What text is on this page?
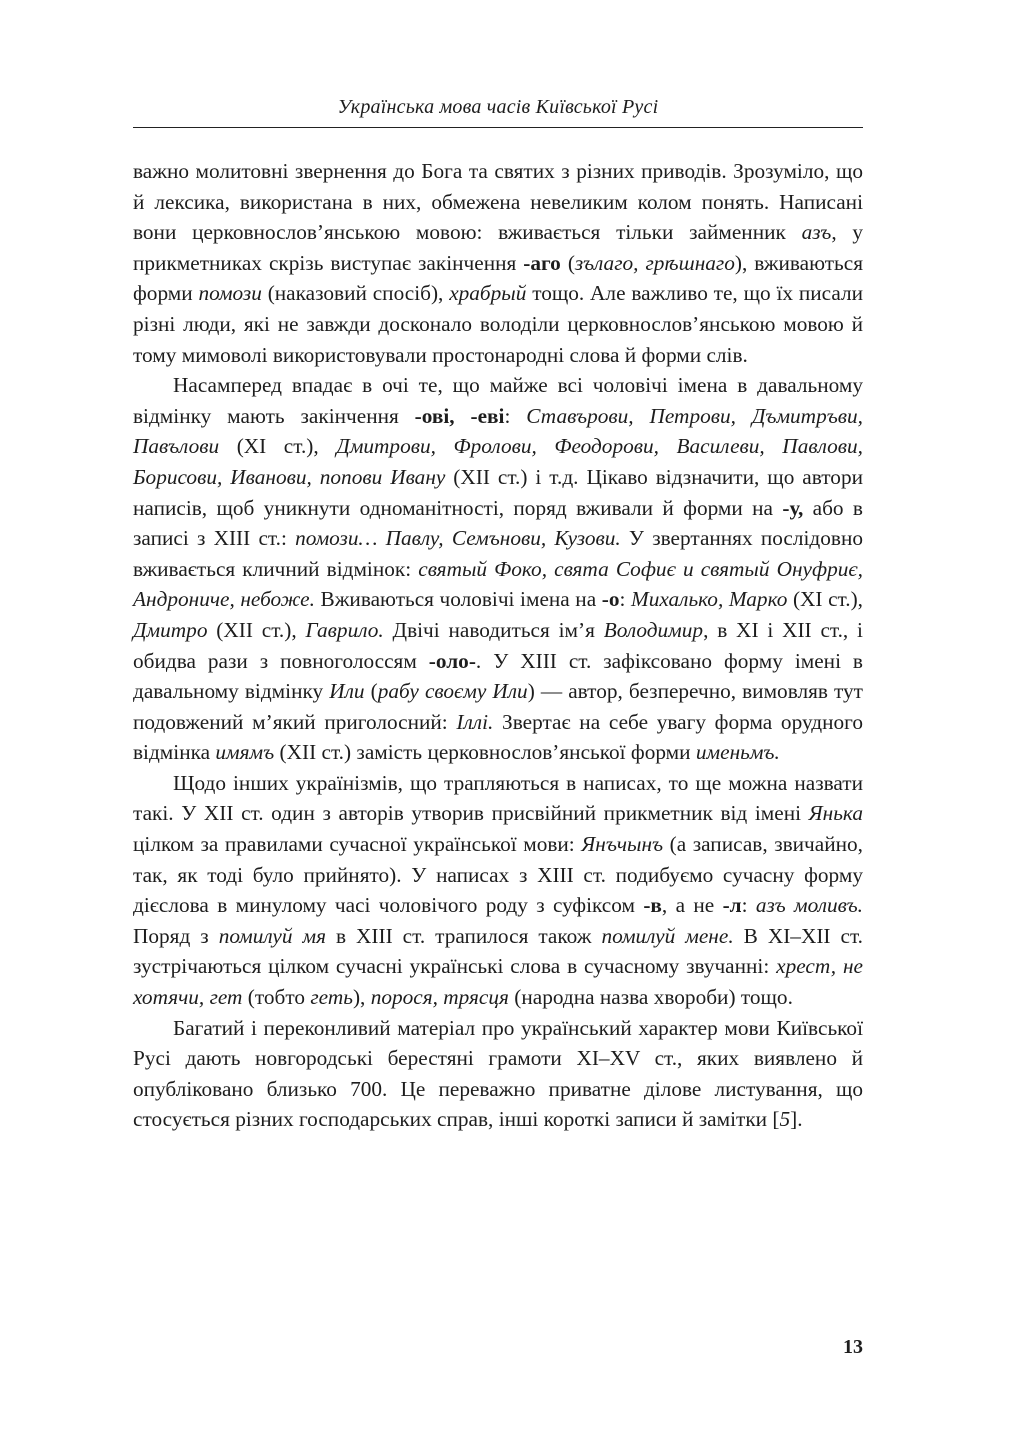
Українська мова часів Київської Русі

важно молитовні звернення до Бога та святих з різних приводів. Зрозуміло, що й лексика, використана в них, обмежена невеликим колом понять. Написані вони церковнослов’янською мовою: вживається тільки займенник азъ, у прикметниках скрізь виступає закінчення -аго (зълаго, грѣшнаго), вживаються форми помози (наказовий спосіб), храбрый тощо. Але важливо те, що їх писали різні люди, які не завжди досконало володіли церковнослов’янською мовою й тому мимоволі використовували простонародні слова й форми слів.

Насамперед впадає в очі те, що майже всі чоловічі імена в давальному відмінку мають закінчення -ові, -еві: Ставърови, Петрови, Дъмитръви, Павълови (XI ст.), Дмитрови, Фролови, Феодорови, Василеви, Павлови, Борисови, Иванови, попови Ивану (XII ст.) і т.д. Цікаво відзначити, що автори написів, щоб уникнути одноманітності, поряд вживали й форми на -у, або в записі з XIII ст.: помози… Павлу, Семънови, Кузови. У звертаннях послідовно вживається кличний відмінок: святый Фоко, свята Софиє и святый Онуфриє, Андрониче, небоже. Вживаються чоловічі імена на -о: Михалько, Марко (XI ст.), Дмитро (XII ст.), Гаврило. Двічі наводиться ім’я Володимир, в XI і XII ст., і обидва рази з повноголоссям -оло-. У XIII ст. зафіксовано форму імені в давальному відмінку Или (рабу своєму Или) — автор, безперечно, вимовляв тут подовжений м’який приголосний: Іллі. Звертає на себе увагу форма орудного відмінка имямъ (XII ст.) замість церковнослов’янської форми именьмъ.

Щодо інших українізмів, що трапляються в написах, то ще можна назвати такі. У XII ст. один з авторів утворив присвійний прикметник від імені Янька цілком за правилами сучасної української мови: Янъчынъ (а записав, звичайно, так, як тоді було прийнято). У написах з XIII ст. подибуємо сучасну форму дієслова в минулому часі чоловічого роду з суфіксом -в, а не -л: азъ моливъ. Поряд з помилуй мя в XIII ст. трапилося також помилуй мене. В XI–XII ст. зустрічаються цілком сучасні українські слова в сучасному звучанні: хрест, не хотячи, гет (тобто геть), порося, трясця (народна назва хвороби) тощо.

Багатий і переконливий матеріал про український характер мови Київської Русі дають новгородські берестяні грамоти XI–XV ст., яких виявлено й опубліковано близько 700. Це переважно приватне ділове листування, що стосується різних господарських справ, інші короткі записи й замітки [5].

13
